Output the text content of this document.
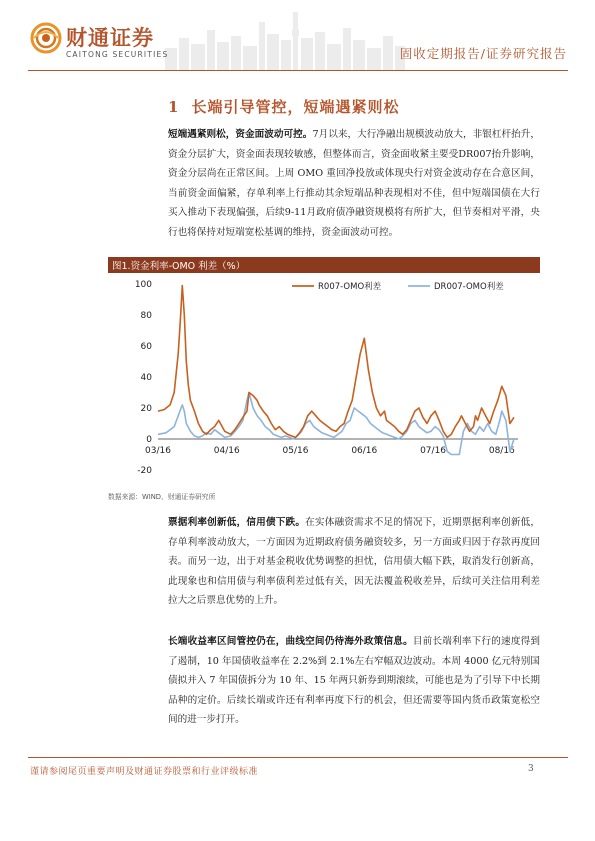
财通证券
CAITONG SECURITIES	固收定期报告/证券研究报告
1 长端引导管控，短端遇紧则松
短端遇紧则松，资金面波动可控。7月以来，大行净融出规模波动放大，非银杠杆抬升，资金分层扩大，资金面表现较敏感，但整体而言，资金面收紧主要受DR007抬升影响，资金分层尚在正常区间。上周 OMO 重回净投放或体现央行对资金波动存在合意区间，当前资金面偏紧，存单利率上行推动其余短端品种表现相对不佳，但中短端国债在大行买入推动下表现偏强，后续9-11月政府债净融资规模将有所扩大，但节奏相对平滑，央行也将保持对短端宽松基调的维持，资金面波动可控。
图1.资金利率-OMO 利差（%）
-20
0
20
40
60
80
100
03/16	04/16	05/16	06/16	07/16	08/16
R007-OMO利差	DR007-OMO利差
数据来源：WIND、财通证券研究所
票据利率创新低，信用债下跌。在实体融资需求不足的情况下，近期票据利率创新低，存单利率波动放大，一方面因为近期政府债务融资较多，另一方面或归因于存款再度回表。而另一边，出于对基金税收优势调整的担忧，信用债大幅下跌，取消发行创新高，此现象也和信用债与利率债利差过低有关，因无法覆盖税收差异，后续可关注信用利差拉大之后票息优势的上升。
长端收益率区间管控仍在，曲线空间仍待海外政策信息。目前长端利率下行的速度得到了遏制，10 年国债收益率在 2.2%到 2.1%左右窄幅双边波动。本周 4000 亿元特别国债拟并入 7 年国债拆分为 10 年、15 年两只新券到期滚续，可能也是为了引导下中长期品种的定价。后续长端或许还有利率再度下行的机会，但还需要等国内货币政策宽松空间的进一步打开。
谨请参阅尾页重要声明及财通证券股票和行业评级标准	3
